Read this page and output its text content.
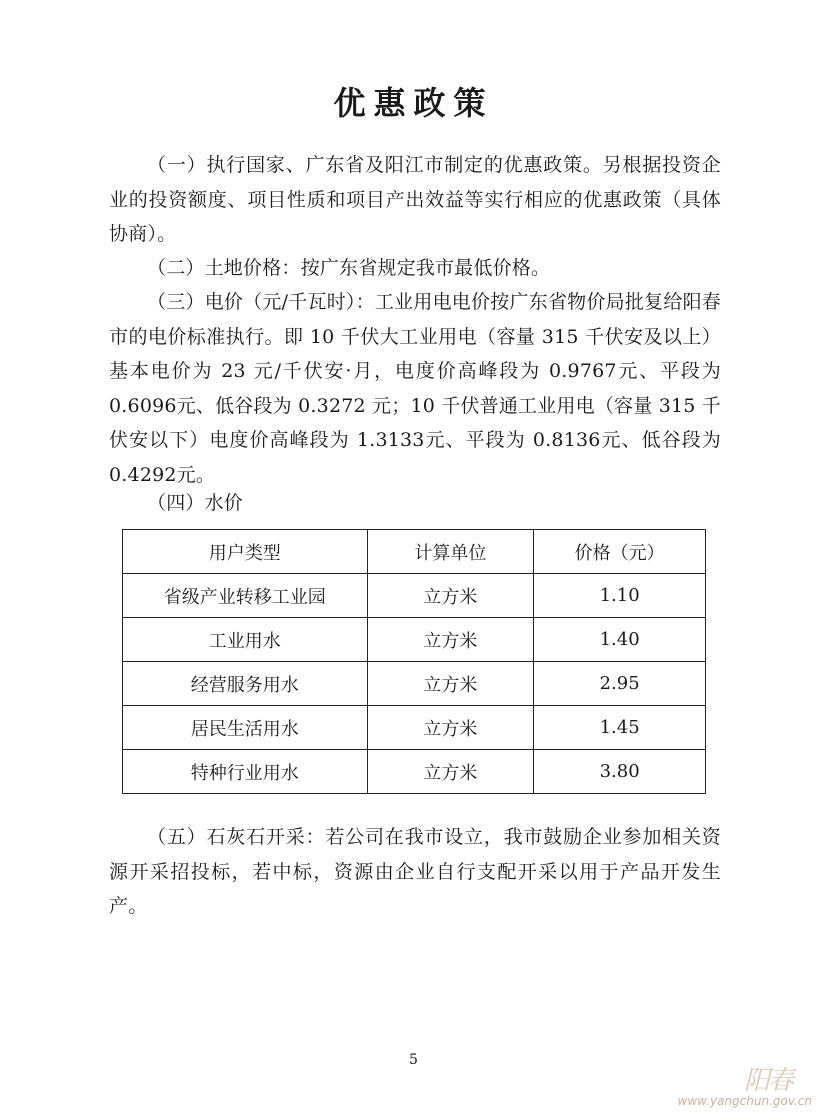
优惠政策

（一）执行国家、广东省及阳江市制定的优惠政策。另根据投资企业的投资额度、项目性质和项目产出效益等实行相应的优惠政策（具体协商）。

（二）土地价格：按广东省规定我市最低价格。

（三）电价（元/千瓦时）：工业用电电价按广东省物价局批复给阳春市的电价标准执行。即 10 千伏大工业用电（容量 315 千伏安及以上）基本电价为 23 元/千伏安·月，电度价高峰段为 0.9767元、平段为 0.6096元、低谷段为 0.3272 元；10 千伏普通工业用电（容量 315 千伏安以下）电度价高峰段为 1.3133元、平段为 0.8136元、低谷段为 0.4292元。

（四）水价

用户类型	计算单位	价格（元）
省级产业转移工业园	立方米	1.10
工业用水	立方米	1.40
经营服务用水	立方米	2.95
居民生活用水	立方米	1.45
特种行业用水	立方米	3.80

（五）石灰石开采：若公司在我市设立，我市鼓励企业参加相关资源开采招投标，若中标，资源由企业自行支配开采以用于产品开发生产。

5
阳春
www.yangchun.gov.cn
